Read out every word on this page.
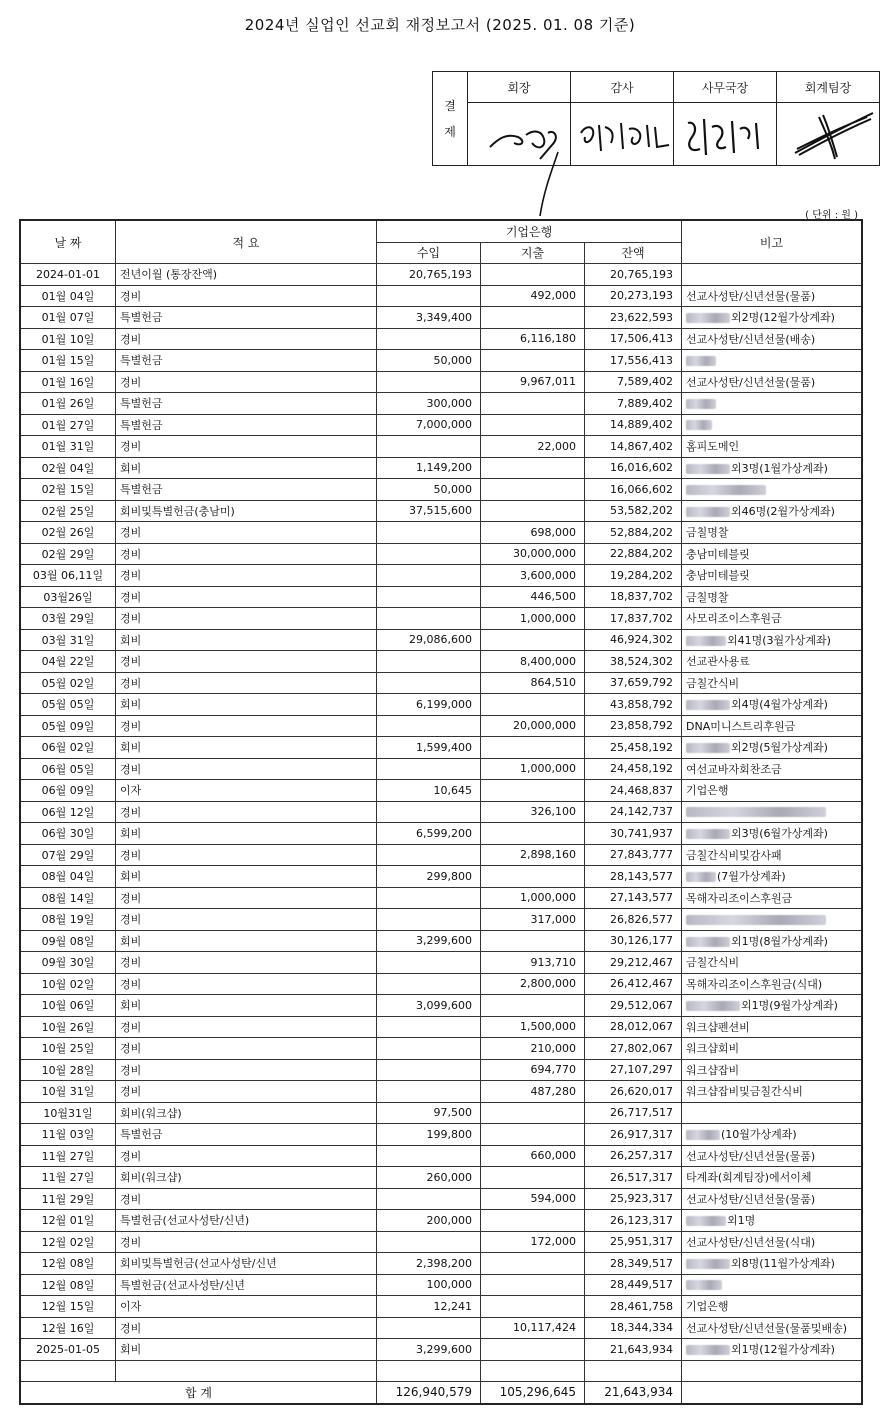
2024년 실업인 선교회 재정보고서 (2025. 01. 08 기준)
결
제	회장	감사	사무국장	회계팀장

( 단위 : 원 )
날 짜	적 요	기업은행			비고
		수입	지출	잔액	
2024-01-01	전년이월 (통장잔액)	20,765,193		20,765,193	
01월 04일	경비		492,000	20,273,193	선교사성탄/신년선물(물품)
01월 07일	특별헌금	3,349,400		23,622,593	외2명(12월가상계좌)
01월 10일	경비		6,116,180	17,506,413	선교사성탄/신년선물(배송)
01월 15일	특별헌금	50,000		17,556,413	
01월 16일	경비		9,967,011	7,589,402	선교사성탄/신년선물(물품)
01월 26일	특별헌금	300,000		7,889,402	
01월 27일	특별헌금	7,000,000		14,889,402	
01월 31일	경비		22,000	14,867,402	홈피도메인
02월 04일	회비	1,149,200		16,016,602	외3명(1월가상계좌)
02월 15일	특별헌금	50,000		16,066,602	
02월 25일	회비및특별헌금(충남미)	37,515,600		53,582,202	외46명(2월가상계좌)
02월 26일	경비		698,000	52,884,202	금칠명찰
02월 29일	경비		30,000,000	22,884,202	충남미테블릿
03월 06,11일	경비		3,600,000	19,284,202	충남미테블릿
03월26일	경비		446,500	18,837,702	금칠명찰
03월 29일	경비		1,000,000	17,837,702	사모리조이스후원금
03월 31일	회비	29,086,600		46,924,302	외41명(3월가상계좌)
04월 22일	경비		8,400,000	38,524,302	선교관사용료
05월 02일	경비		864,510	37,659,792	금칠간식비
05월 05일	회비	6,199,000		43,858,792	외4명(4월가상계좌)
05월 09일	경비		20,000,000	23,858,792	DNA미니스트리후원금
06월 02일	회비	1,599,400		25,458,192	외2명(5월가상계좌)
06월 05일	경비		1,000,000	24,458,192	여선교바자회찬조금
06월 09일	이자	10,645		24,468,837	기업은행
06월 12일	경비		326,100	24,142,737	
06월 30일	회비	6,599,200		30,741,937	외3명(6월가상계좌)
07월 29일	경비		2,898,160	27,843,777	금칠간식비및감사패
08월 04일	회비	299,800		28,143,577	(7월가상계좌)
08월 14일	경비		1,000,000	27,143,577	목해자리조이스후원금
08월 19일	경비		317,000	26,826,577	
09월 08일	회비	3,299,600		30,126,177	외1명(8월가상계좌)
09월 30일	경비		913,710	29,212,467	금칠간식비
10월 02일	경비		2,800,000	26,412,467	목해자리조이스후원금(식대)
10월 06일	회비	3,099,600		29,512,067	외1명(9월가상계좌)
10월 26일	경비		1,500,000	28,012,067	워크샵펜션비
10월 25일	경비		210,000	27,802,067	워크샵회비
10월 28일	경비		694,770	27,107,297	워크샵잡비
10월 31일	경비		487,280	26,620,017	워크샵잡비및금칠간식비
10월31일	회비(워크샵)	97,500		26,717,517	
11월 03일	특별헌금	199,800		26,917,317	(10월가상계좌)
11월 27일	경비		660,000	26,257,317	선교사성탄/신년선물(물품)
11월 27일	회비(워크샵)	260,000		26,517,317	타계좌(회계팀장)에서이체
11월 29일	경비		594,000	25,923,317	선교사성탄/신년선물(물품)
12월 01일	특별헌금(선교사성탄/신년)	200,000		26,123,317	외1명
12월 02일	경비		172,000	25,951,317	선교사성탄/신년선물(식대)
12월 08일	회비및특별헌금(선교사성탄/신년	2,398,200		28,349,517	외8명(11월가상계좌)
12월 08일	특별헌금(선교사성탄/신년	100,000		28,449,517	
12월 15일	이자	12,241		28,461,758	기업은행
12월 16일	경비		10,117,424	18,344,334	선교사성탄/신년선물(물품및배송)
2025-01-05	회비	3,299,600		21,643,934	외1명(12월가상계좌)

합 계		126,940,579	105,296,645	21,643,934	
